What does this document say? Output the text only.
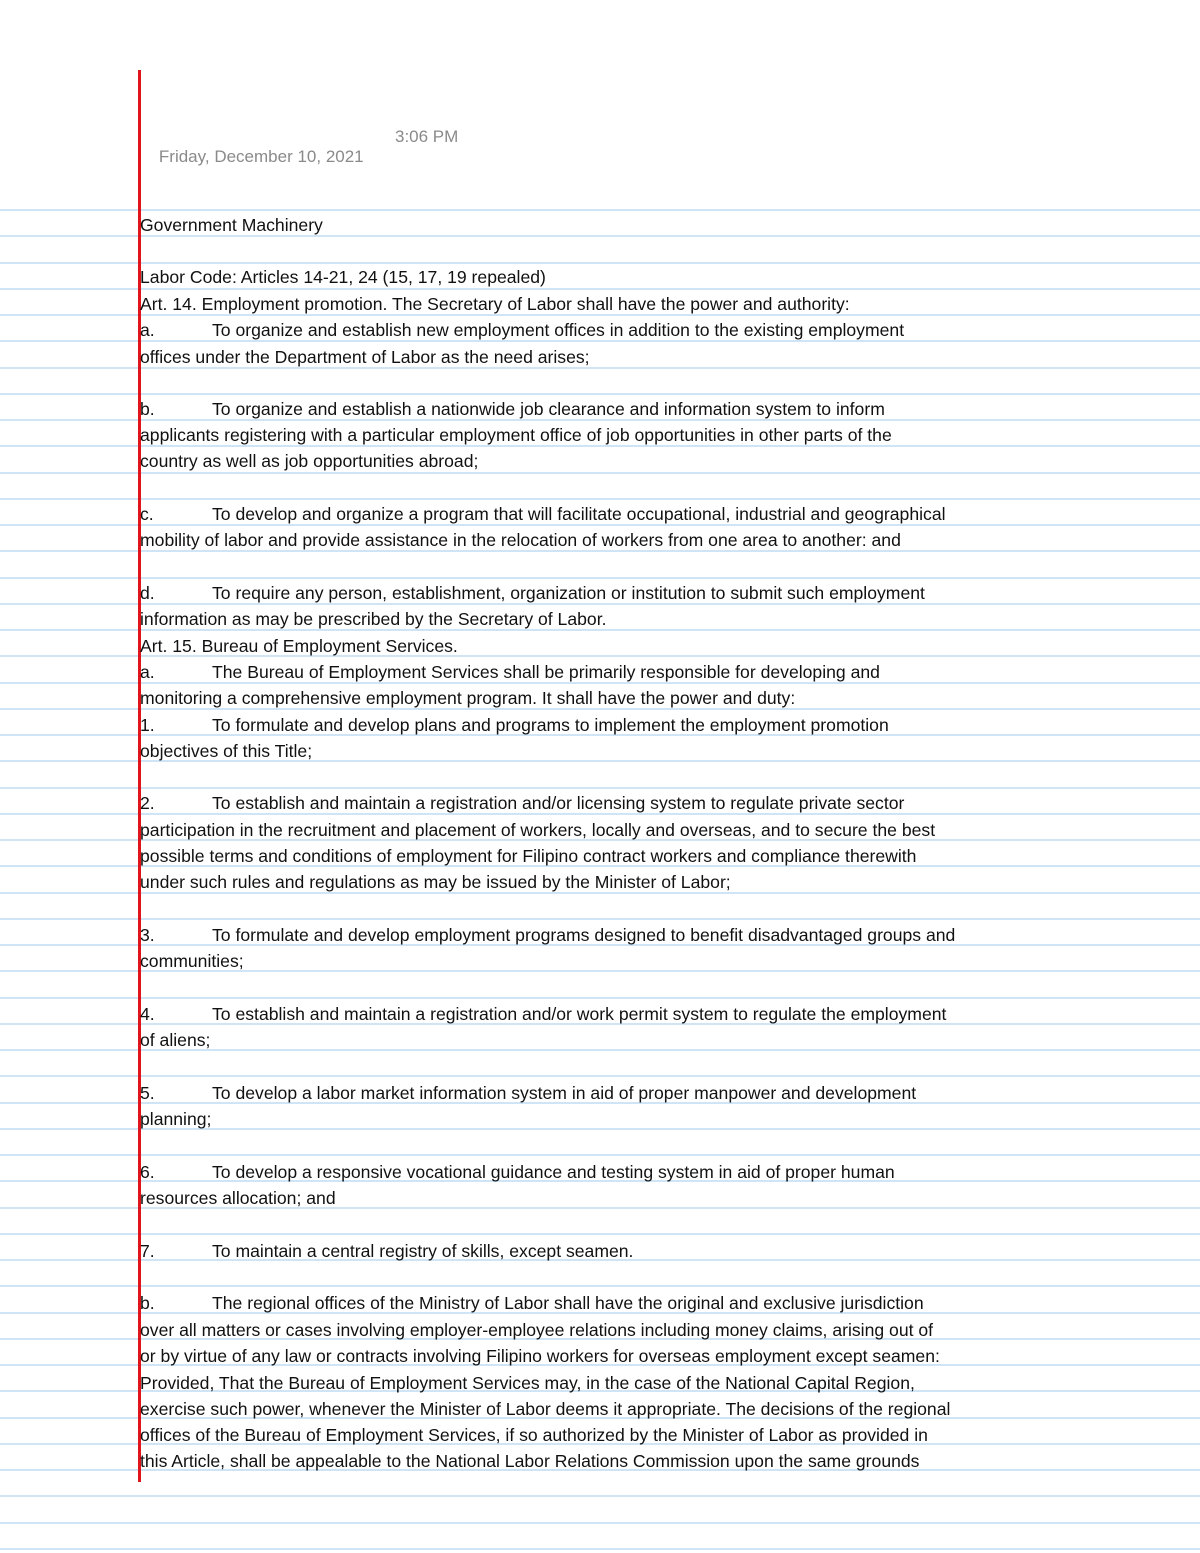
Friday, December 10, 2021

3:06 PM

Government Machinery
Labor Code: Articles 14-21, 24 (15, 17, 19 repealed)
Art. 14. Employment promotion. The Secretary of Labor shall have the power and authority:
a.	To organize and establish new employment offices in addition to the existing employment
offices under the Department of Labor as the need arises;
b.	To organize and establish a nationwide job clearance and information system to inform
applicants registering with a particular employment office of job opportunities in other parts of the
country as well as job opportunities abroad;
c.	To develop and organize a program that will facilitate occupational, industrial and geographical
mobility of labor and provide assistance in the relocation of workers from one area to another: and
d.	To require any person, establishment, organization or institution to submit such employment
information as may be prescribed by the Secretary of Labor.
Art. 15. Bureau of Employment Services.
a.	The Bureau of Employment Services shall be primarily responsible for developing and
monitoring a comprehensive employment program. It shall have the power and duty:
1.	To formulate and develop plans and programs to implement the employment promotion
objectives of this Title;
2.	To establish and maintain a registration and/or licensing system to regulate private sector
participation in the recruitment and placement of workers, locally and overseas, and to secure the best
possible terms and conditions of employment for Filipino contract workers and compliance therewith
under such rules and regulations as may be issued by the Minister of Labor;
3.	To formulate and develop employment programs designed to benefit disadvantaged groups and
communities;
4.	To establish and maintain a registration and/or work permit system to regulate the employment
of aliens;
5.	To develop a labor market information system in aid of proper manpower and development
planning;
6.	To develop a responsive vocational guidance and testing system in aid of proper human
resources allocation; and
7.	To maintain a central registry of skills, except seamen.
b.	The regional offices of the Ministry of Labor shall have the original and exclusive jurisdiction
over all matters or cases involving employer-employee relations including money claims, arising out of
or by virtue of any law or contracts involving Filipino workers for overseas employment except seamen:
Provided, That the Bureau of Employment Services may, in the case of the National Capital Region,
exercise such power, whenever the Minister of Labor deems it appropriate. The decisions of the regional
offices of the Bureau of Employment Services, if so authorized by the Minister of Labor as provided in
this Article, shall be appealable to the National Labor Relations Commission upon the same grounds
